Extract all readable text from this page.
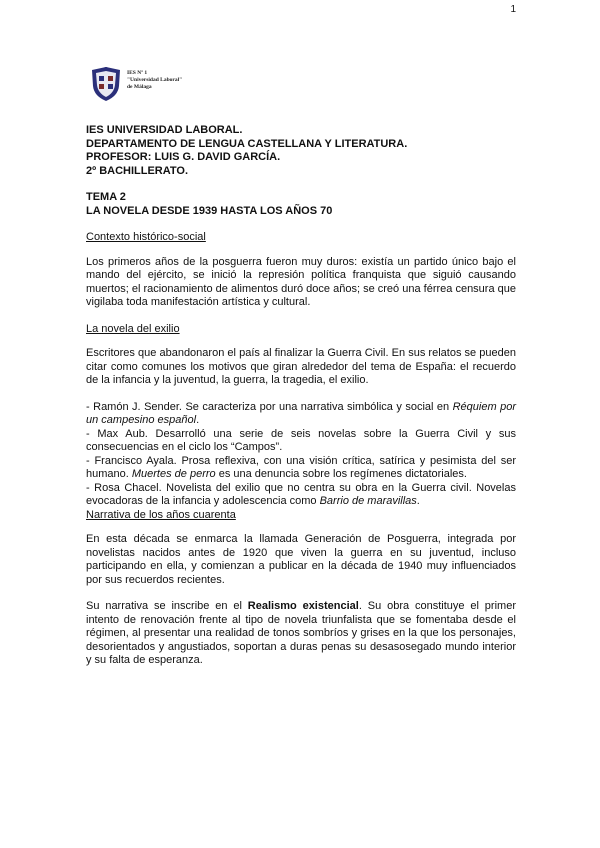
1
IES Nº 1
"Universidad Laboral"
de Málaga

IES UNIVERSIDAD LABORAL.

DEPARTAMENTO DE LENGUA CASTELLANA Y LITERATURA.

PROFESOR: LUIS G. DAVID GARCÍA.

2º BACHILLERATO.

TEMA 2

LA NOVELA DESDE 1939 HASTA LOS AÑOS 70

Contexto histórico-social

Los primeros años de la posguerra fueron muy duros: existía un partido único bajo el mando del ejército, se inició la represión política franquista que siguió causando muertos; el racionamiento de alimentos duró doce años; se creó una férrea censura que vigilaba toda manifestación artística y cultural.

La novela del exilio

Escritores que abandonaron el país al finalizar la Guerra Civil. En sus relatos se pueden citar como comunes los motivos que giran alrededor del tema de España: el recuerdo de la infancia y la juventud, la guerra, la tragedia, el exilio.

- Ramón J. Sender. Se caracteriza por una narrativa simbólica y social en Réquiem por un campesino español.

- Max Aub. Desarrolló una serie de seis novelas sobre la Guerra Civil y sus consecuencias en el ciclo los “Campos”.

- Francisco Ayala. Prosa reflexiva, con una visión crítica, satírica y pesimista del ser humano. Muertes de perro es una denuncia sobre los regímenes dictatoriales.

- Rosa Chacel. Novelista del exilio que no centra su obra en la Guerra civil. Novelas evocadoras de la infancia y adolescencia como Barrio de maravillas.

Narrativa de los años cuarenta

En esta década se enmarca la llamada Generación de Posguerra, integrada por novelistas nacidos antes de 1920 que viven la guerra en su juventud, incluso participando en ella, y comienzan a publicar en la década de 1940 muy influenciados por sus recuerdos recientes.

Su narrativa se inscribe en el Realismo existencial. Su obra constituye el primer intento de renovación frente al tipo de novela triunfalista que se fomentaba desde el régimen, al presentar una realidad de tonos sombríos y grises en la que los personajes, desorientados y angustiados, soportan a duras penas su desasosegado mundo interior y su falta de esperanza.
